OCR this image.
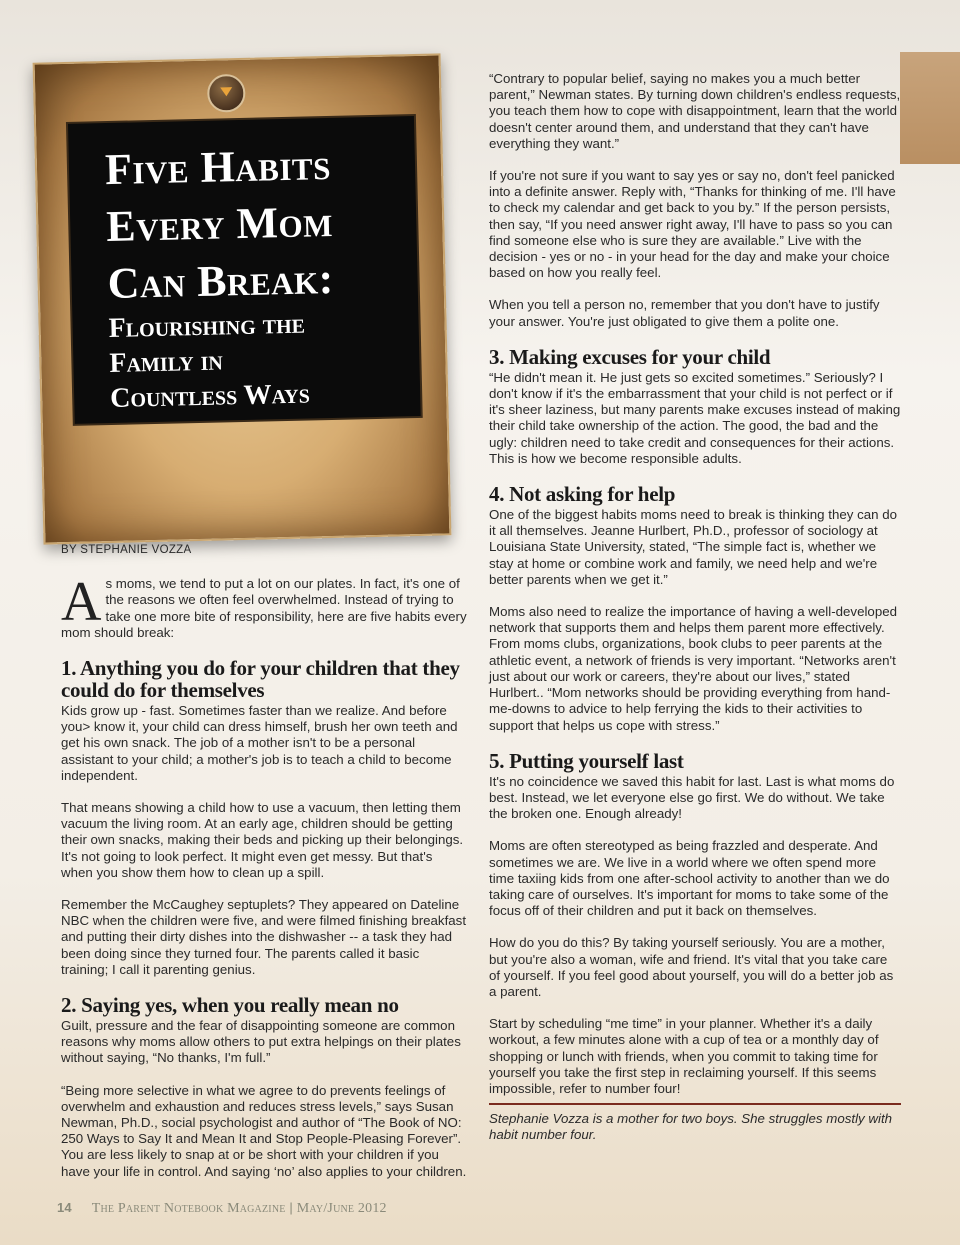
Five Habits
Every Mom
Can Break:
Flourishing the
Family in
Countless Ways
BY STEPHANIE VOZZA

As moms, we tend to put a lot on our plates. In fact, it's one of the reasons we often feel overwhelmed. Instead of trying to take one more bite of responsibility, here are five habits every mom should break:

1. Anything you do for your children that they could do for themselves

Kids grow up - fast. Sometimes faster than we realize. And before you> know it, your child can dress himself, brush her own teeth and get his own snack. The job of a mother isn't to be a personal assistant to your child; a mother's job is to teach a child to become independent.

That means showing a child how to use a vacuum, then letting them vacuum the living room. At an early age, children should be getting their own snacks, making their beds and picking up their belongings. It's not going to look perfect. It might even get messy. But that's when you show them how to clean up a spill.

Remember the McCaughey septuplets? They appeared on Dateline NBC when the children were five, and were filmed finishing breakfast and putting their dirty dishes into the dishwasher -- a task they had been doing since they turned four. The parents called it basic training; I call it parenting genius.

2. Saying yes, when you really mean no

Guilt, pressure and the fear of disappointing someone are common reasons why moms allow others to put extra helpings on their plates without saying, “No thanks, I'm full.”

“Being more selective in what we agree to do prevents feelings of overwhelm and exhaustion and reduces stress levels,” says Susan Newman, Ph.D., social psychologist and author of “The Book of NO: 250 Ways to Say It and Mean It and Stop People-Pleasing Forever”. You are less likely to snap at or be short with your children if you have your life in control. And saying ‘no’ also applies to your children.

“Contrary to popular belief, saying no makes you a much better parent,” Newman states. By turning down children's endless requests, you teach them how to cope with disappointment, learn that the world doesn't center around them, and understand that they can't have everything they want.”

If you're not sure if you want to say yes or say no, don't feel panicked into a definite answer. Reply with, “Thanks for thinking of me. I'll have to check my calendar and get back to you by.” If the person persists, then say, “If you need answer right away, I'll have to pass so you can find someone else who is sure they are available.” Live with the decision - yes or no - in your head for the day and make your choice based on how you really feel.

When you tell a person no, remember that you don't have to justify your answer. You're just obligated to give them a polite one.

3. Making excuses for your child

“He didn't mean it. He just gets so excited sometimes.” Seriously? I don't know if it's the embarrassment that your child is not perfect or if it's sheer laziness, but many parents make excuses instead of making their child take ownership of the action. The good, the bad and the ugly: children need to take credit and consequences for their actions. This is how we become responsible adults.

4. Not asking for help

One of the biggest habits moms need to break is thinking they can do it all themselves. Jeanne Hurlbert, Ph.D., professor of sociology at Louisiana State University, stated, “The simple fact is, whether we stay at home or combine work and family, we need help and we're better parents when we get it.”

Moms also need to realize the importance of having a well-developed network that supports them and helps them parent more effectively. From moms clubs, organizations, book clubs to peer parents at the athletic event, a network of friends is very important. “Networks aren't just about our work or careers, they're about our lives,” stated Hurlbert.. “Mom networks should be providing everything from hand-me-downs to advice to help ferrying the kids to their activities to support that helps us cope with stress.”

5. Putting yourself last

It's no coincidence we saved this habit for last. Last is what moms do best. Instead, we let everyone else go first. We do without. We take the broken one. Enough already!

Moms are often stereotyped as being frazzled and desperate. And sometimes we are. We live in a world where we often spend more time taxiing kids from one after-school activity to another than we do taking care of ourselves. It's important for moms to take some of the focus off of their children and put it back on themselves.

How do you do this? By taking yourself seriously. You are a mother, but you're also a woman, wife and friend. It's vital that you take care of yourself. If you feel good about yourself, you will do a better job as a parent.

Start by scheduling “me time” in your planner. Whether it's a daily workout, a few minutes alone with a cup of tea or a monthly day of shopping or lunch with friends, when you commit to taking time for yourself you take the first step in reclaiming yourself. If this seems impossible, refer to number four!

Stephanie Vozza is a mother for two boys. She struggles mostly with habit number four.
14 The Parent Notebook Magazine | May/June 2012
